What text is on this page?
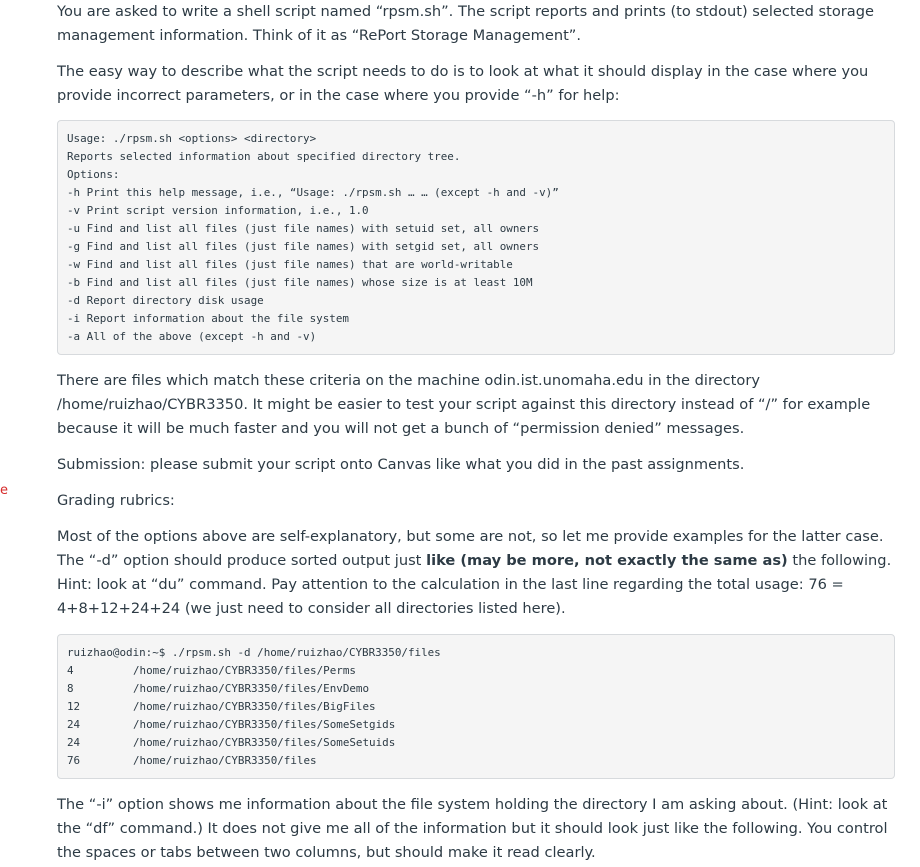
e

You are asked to write a shell script named “rpsm.sh”. The script reports and prints (to stdout) selected storage management information. Think of it as “RePort Storage Management”.

The easy way to describe what the script needs to do is to look at what it should display in the case where you provide incorrect parameters, or in the case where you provide “-h” for help:

Usage: ./rpsm.sh <options> <directory>
Reports selected information about specified directory tree.
Options:
-h Print this help message, i.e., “Usage: ./rpsm.sh … … (except -h and -v)”
-v Print script version information, i.e., 1.0
-u Find and list all files (just file names) with setuid set, all owners
-g Find and list all files (just file names) with setgid set, all owners
-w Find and list all files (just file names) that are world-writable
-b Find and list all files (just file names) whose size is at least 10M
-d Report directory disk usage
-i Report information about the file system
-a All of the above (except -h and -v)

There are files which match these criteria on the machine odin.ist.unomaha.edu in the directory /home/ruizhao/CYBR3350. It might be easier to test your script against this directory instead of “/” for example because it will be much faster and you will not get a bunch of “permission denied” messages.

Submission: please submit your script onto Canvas like what you did in the past assignments.

Grading rubrics:

Most of the options above are self-explanatory, but some are not, so let me provide examples for the latter case. The “-d” option should produce sorted output just like (may be more, not exactly the same as) the following. Hint: look at “du” command. Pay attention to the calculation in the last line regarding the total usage: 76 = 4+8+12+24+24 (we just need to consider all directories listed here).

ruizhao@odin:~$ ./rpsm.sh -d /home/ruizhao/CYBR3350/files
4	/home/ruizhao/CYBR3350/files/Perms
8	/home/ruizhao/CYBR3350/files/EnvDemo
12	/home/ruizhao/CYBR3350/files/BigFiles
24	/home/ruizhao/CYBR3350/files/SomeSetgids
24	/home/ruizhao/CYBR3350/files/SomeSetuids
76	/home/ruizhao/CYBR3350/files

The “-i” option shows me information about the file system holding the directory I am asking about. (Hint: look at the “df” command.) It does not give me all of the information but it should look just like the following. You control the spaces or tabs between two columns, but should make it read clearly.
